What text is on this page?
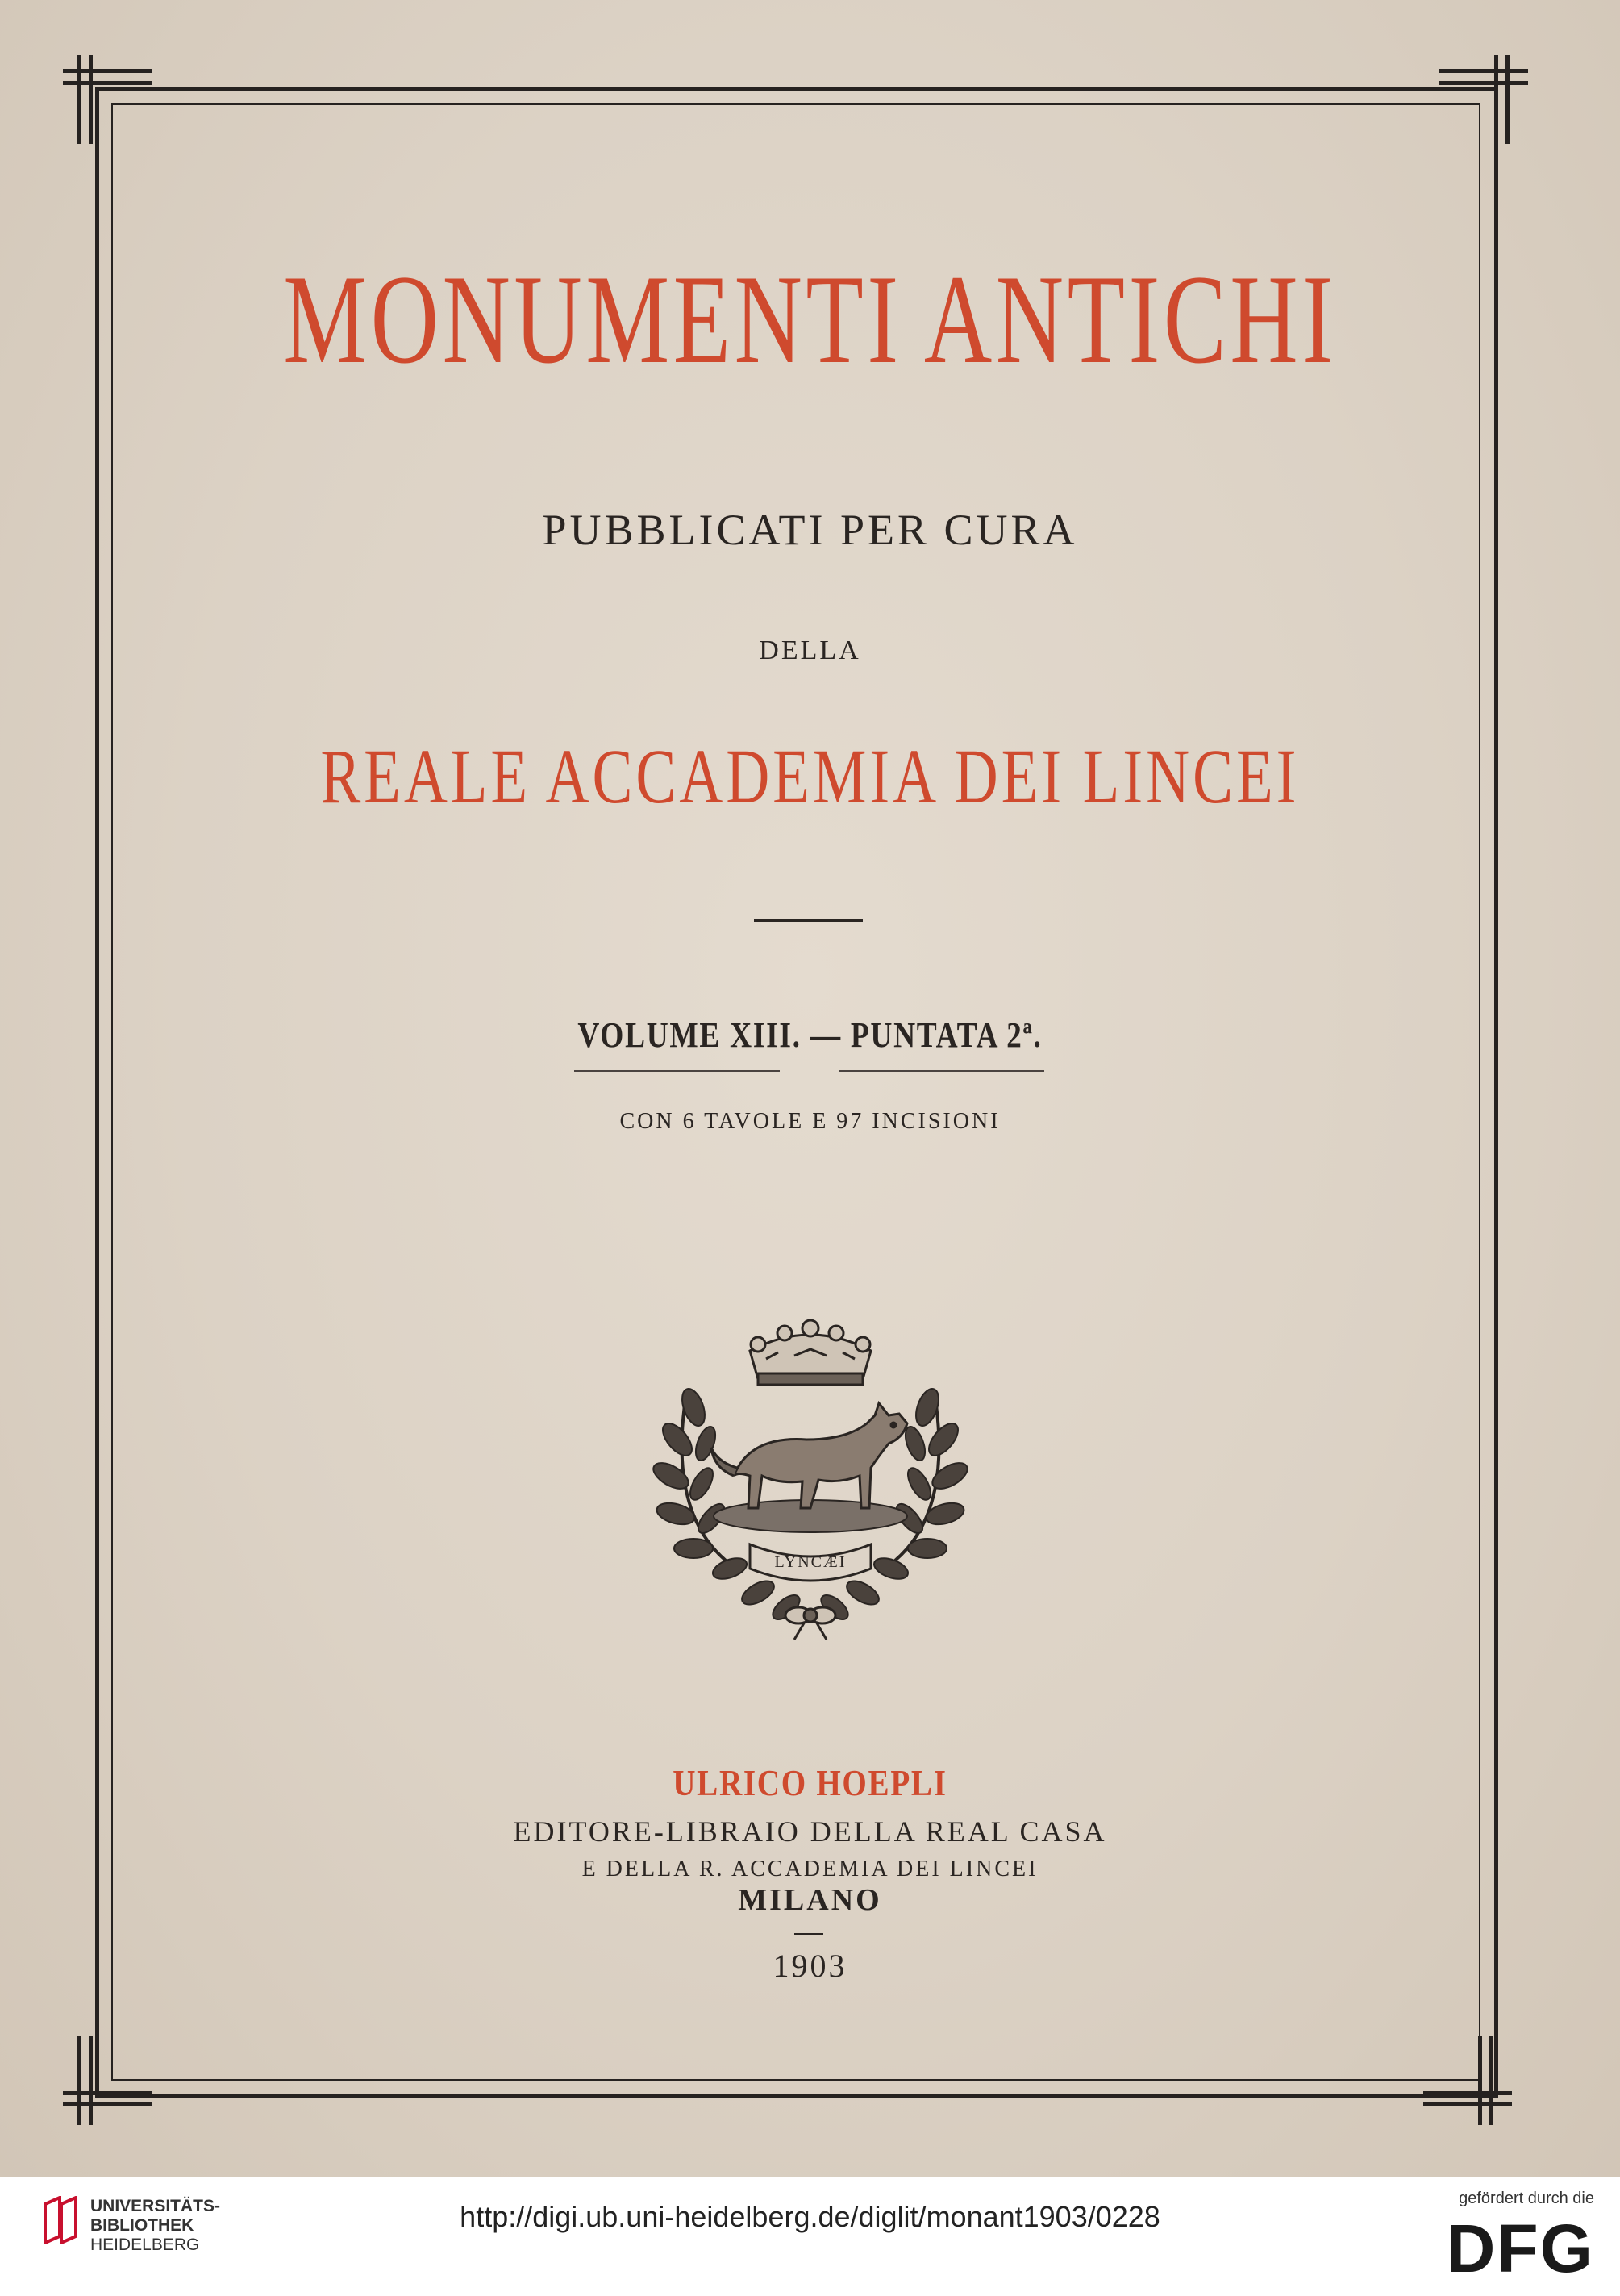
MONUMENTI ANTICHI
PUBBLICATI PER CURA
DELLA
REALE ACCADEMIA DEI LINCEI
VOLUME XIII. — PUNTATA 2ª.
CON 6 TAVOLE E 97 INCISIONI
LYNCÆI
ULRICO HOEPLI
EDITORE-LIBRAIO DELLA REAL CASA
E DELLA R. ACCADEMIA DEI LINCEI
MILANO
1903
UNIVERSITÄTS-
BIBLIOTHEK
HEIDELBERG
http://digi.ub.uni-heidelberg.de/diglit/monant1903/0228
gefördert durch die
DFG
